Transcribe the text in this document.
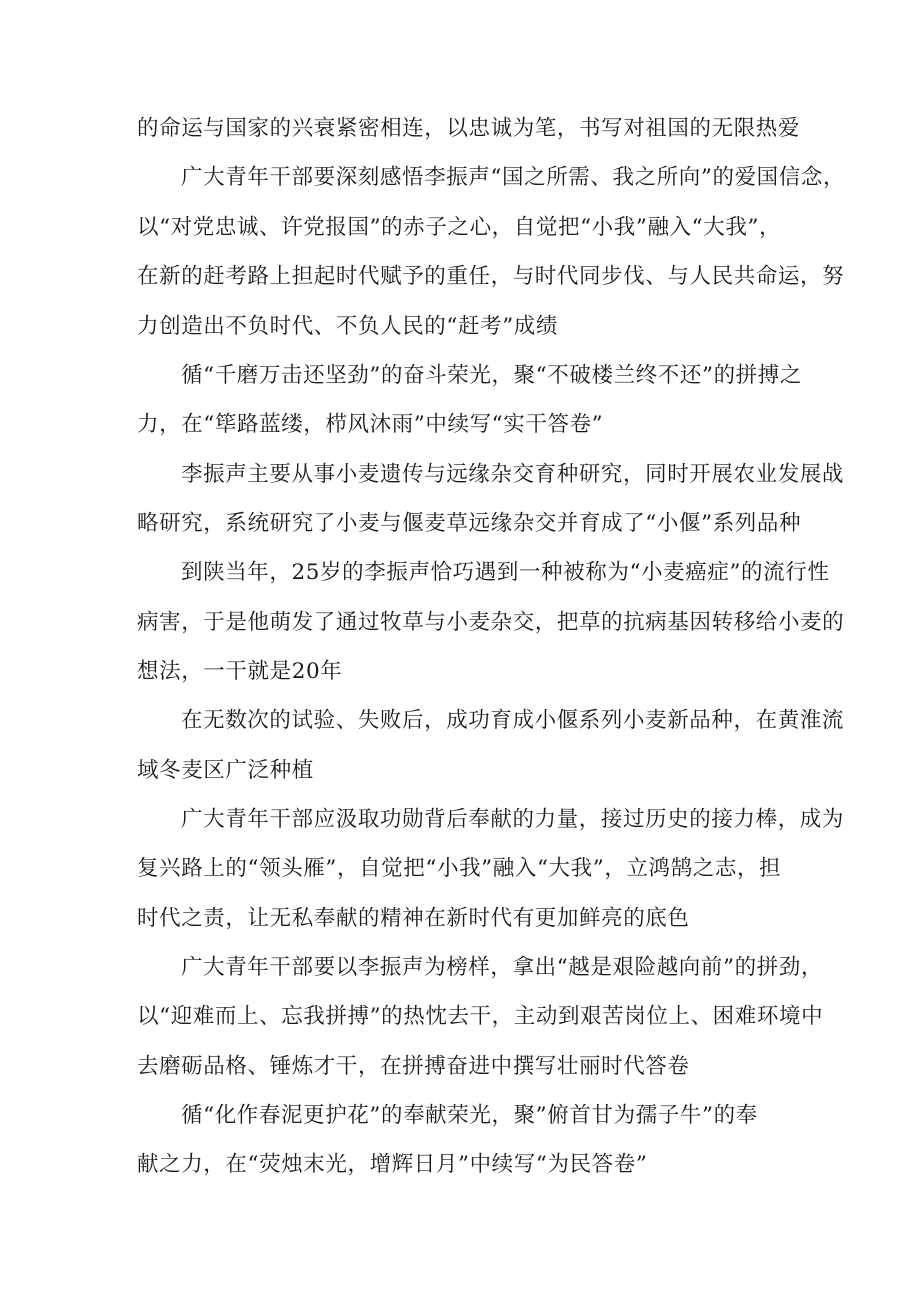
的命运与国家的兴衰紧密相连，以忠诚为笔，书写对祖国的无限热爱
广大青年干部要深刻感悟李振声“国之所需、我之所向”的爱国信念，
以“对党忠诚、许党报国”的赤子之心，自觉把“小我”融入“大我”，
在新的赶考路上担起时代赋予的重任，与时代同步伐、与人民共命运，努
力创造出不负时代、不负人民的“赶考”成绩
循“千磨万击还坚劲”的奋斗荣光，聚“不破楼兰终不还”的拼搏之
力，在“筚路蓝缕，栉风沐雨”中续写“实干答卷”
李振声主要从事小麦遗传与远缘杂交育种研究，同时开展农业发展战
略研究，系统研究了小麦与偃麦草远缘杂交并育成了“小偃”系列品种
到陕当年，25岁的李振声恰巧遇到一种被称为“小麦癌症”的流行性
病害，于是他萌发了通过牧草与小麦杂交，把草的抗病基因转移给小麦的
想法，一干就是20年
在无数次的试验、失败后，成功育成小偃系列小麦新品种，在黄淮流
域冬麦区广泛种植
广大青年干部应汲取功勋背后奉献的力量，接过历史的接力棒，成为
复兴路上的“领头雁”，自觉把“小我”融入“大我”，立鸿鹄之志，担
时代之责，让无私奉献的精神在新时代有更加鲜亮的底色
广大青年干部要以李振声为榜样，拿出“越是艰险越向前”的拼劲，
以“迎难而上、忘我拼搏”的热忱去干，主动到艰苦岗位上、困难环境中
去磨砺品格、锤炼才干，在拼搏奋进中撰写壮丽时代答卷
循“化作春泥更护花”的奉献荣光，聚”俯首甘为孺子牛”的奉
献之力，在“荧烛末光，增辉日月”中续写“为民答卷”
